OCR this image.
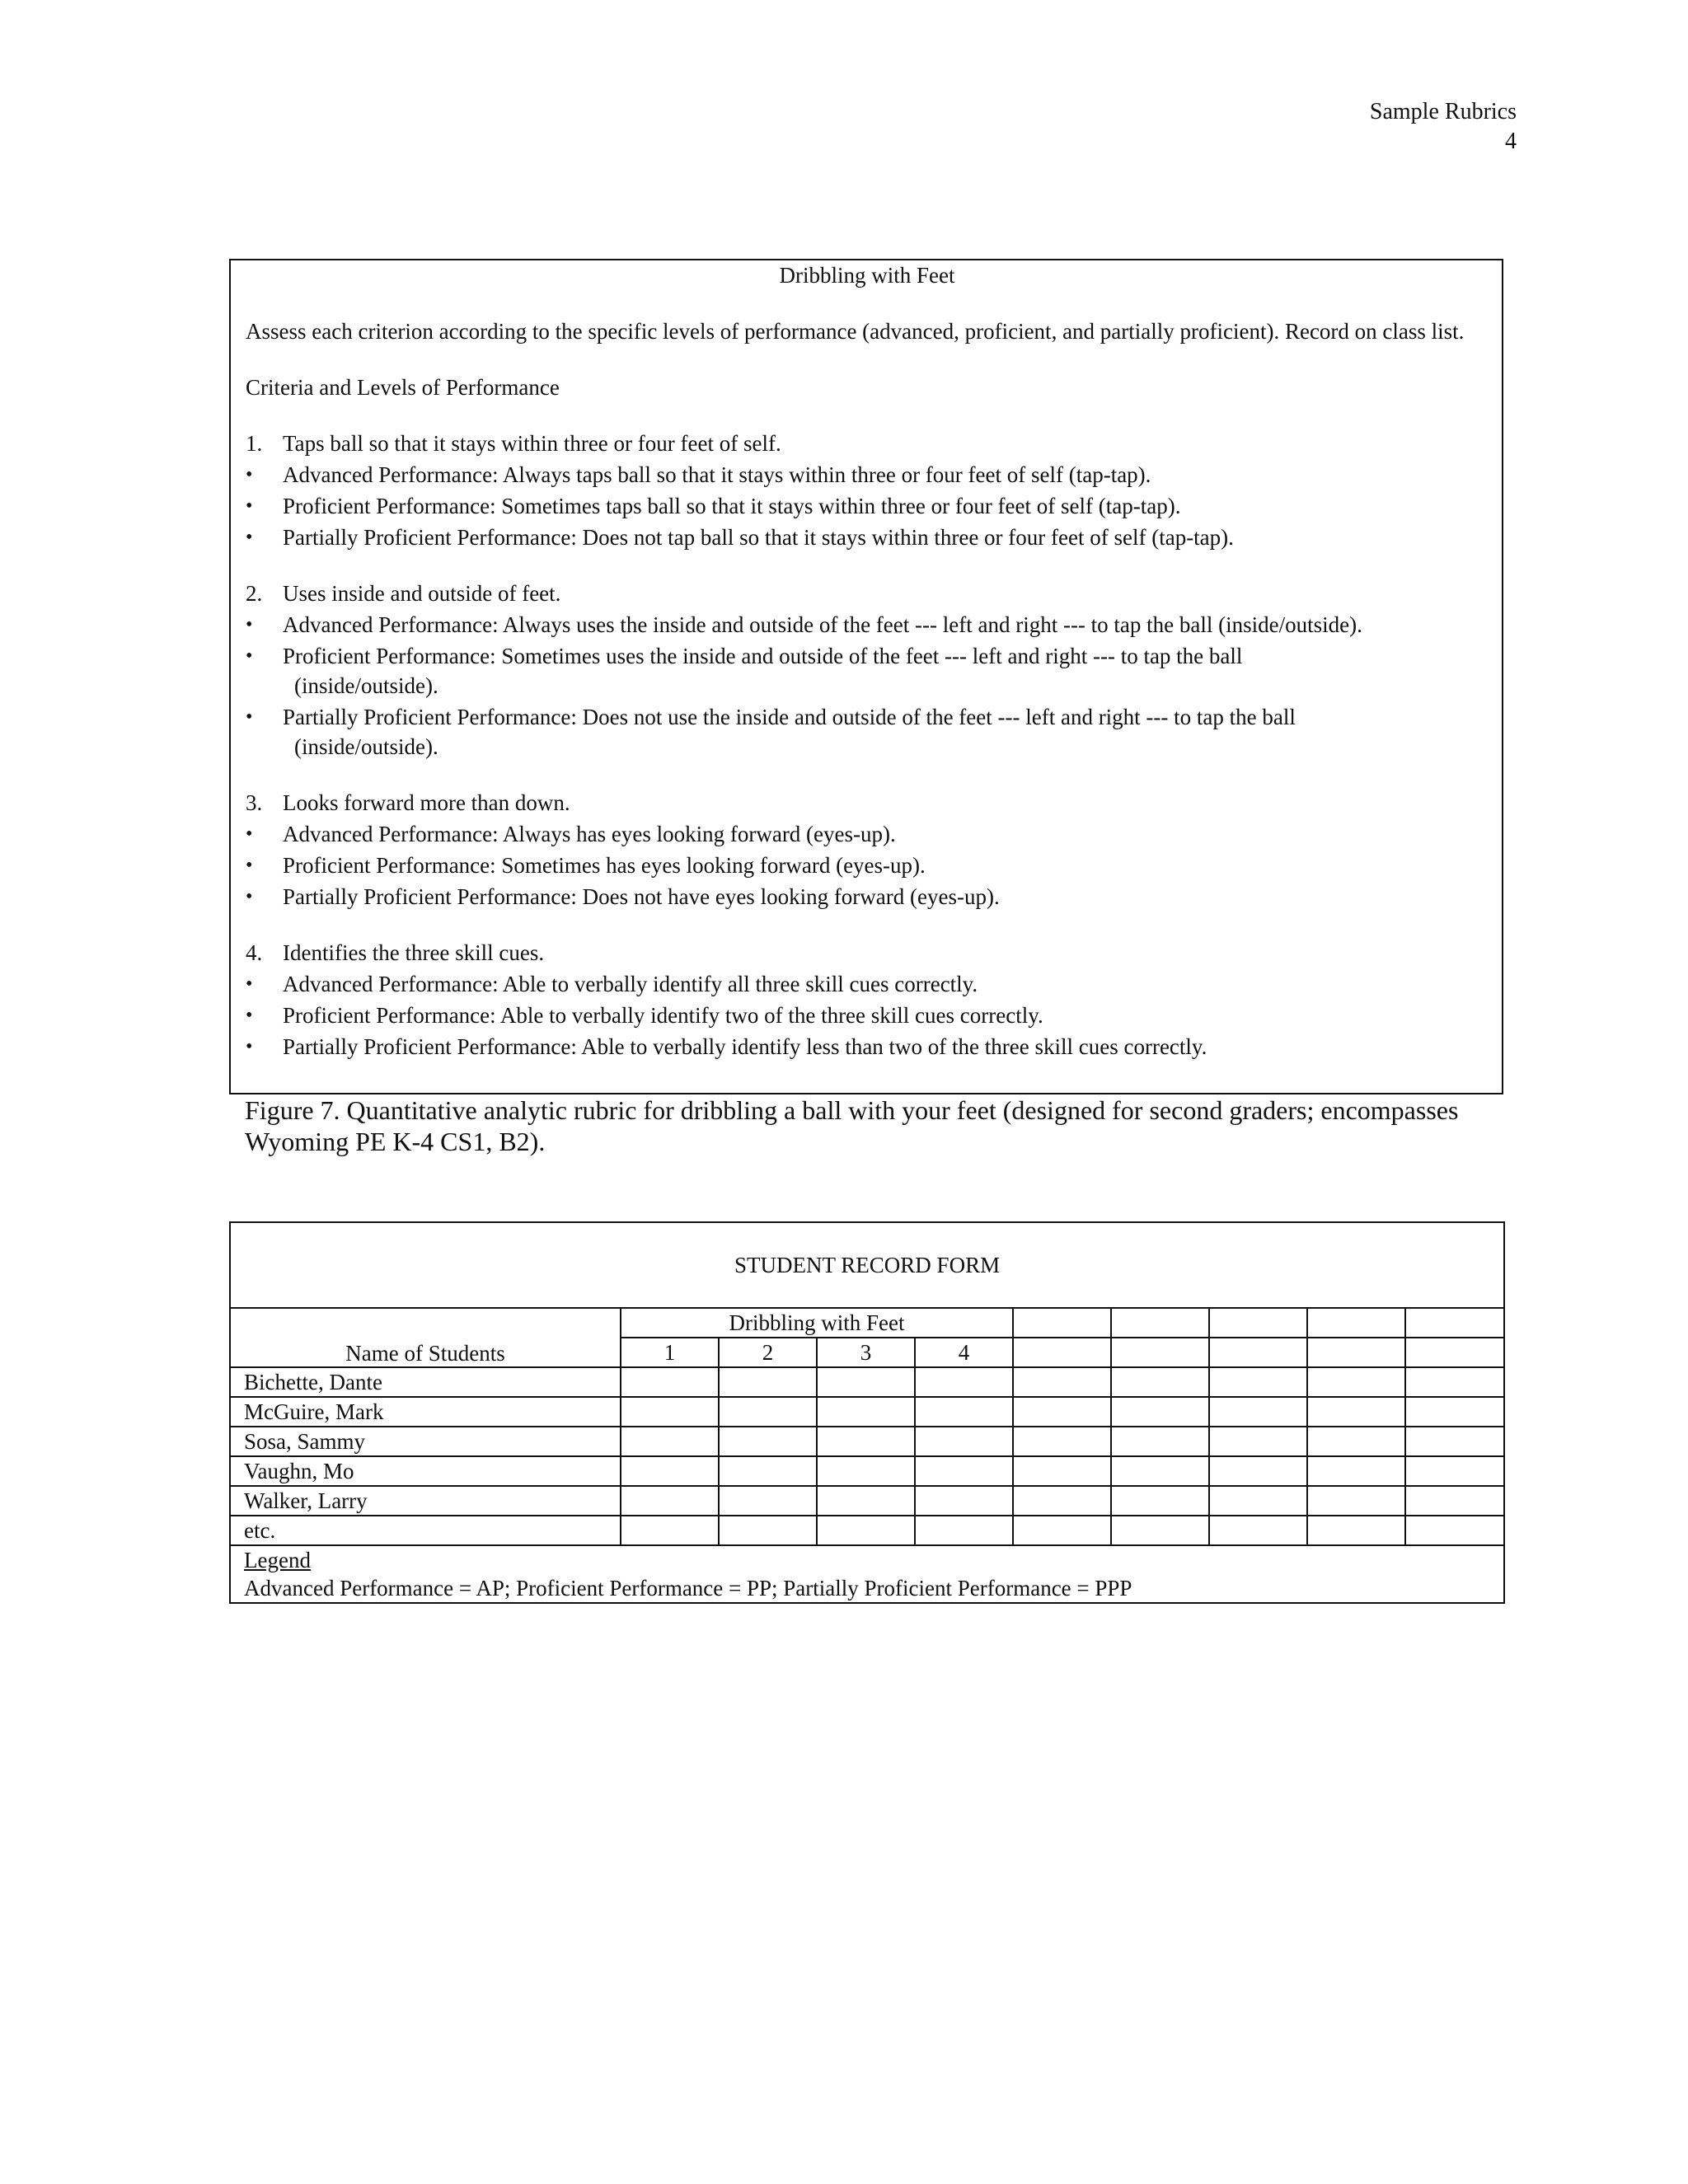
Sample Rubrics
4
Dribbling with Feet
Assess each criterion according to the specific levels of performance (advanced, proficient, and partially proficient). Record on class list.
Criteria and Levels of Performance
1. Taps ball so that it stays within three or four feet of self.
•	Advanced Performance: Always taps ball so that it stays within three or four feet of self (tap-tap).
•	Proficient Performance: Sometimes taps ball so that it stays within three or four feet of self (tap-tap).
•	Partially Proficient Performance: Does not tap ball so that it stays within three or four feet of self (tap-tap).
2. Uses inside and outside of feet.
•	Advanced Performance: Always uses the inside and outside of the feet --- left and right --- to tap the ball (inside/outside).
•	Proficient Performance: Sometimes uses the inside and outside of the feet --- left and right --- to tap the ball
(inside/outside).
•	Partially Proficient Performance: Does not use the inside and outside of the feet --- left and right --- to tap the ball
(inside/outside).
3. Looks forward more than down.
•	Advanced Performance: Always has eyes looking forward (eyes-up).
•	Proficient Performance: Sometimes has eyes looking forward (eyes-up).
•	Partially Proficient Performance: Does not have eyes looking forward (eyes-up).
4. Identifies the three skill cues.
•	Advanced Performance: Able to verbally identify all three skill cues correctly.
•	Proficient Performance: Able to verbally identify two of the three skill cues correctly.
•	Partially Proficient Performance: Able to verbally identify less than two of the three skill cues correctly.
Figure 7. Quantitative analytic rubric for dribbling a ball with your feet (designed for second graders; encompasses Wyoming PE K-4 CS1, B2).
STUDENT RECORD FORM									
Name of Students	Dribbling with Feet								
	1	2	3	4					
Bichette, Dante									
McGuire, Mark									
Sosa, Sammy									
Vaughn, Mo									
Walker, Larry									
etc.									

Legend
Advanced Performance = AP; Proficient Performance = PP; Partially Proficient Performance = PPP									
